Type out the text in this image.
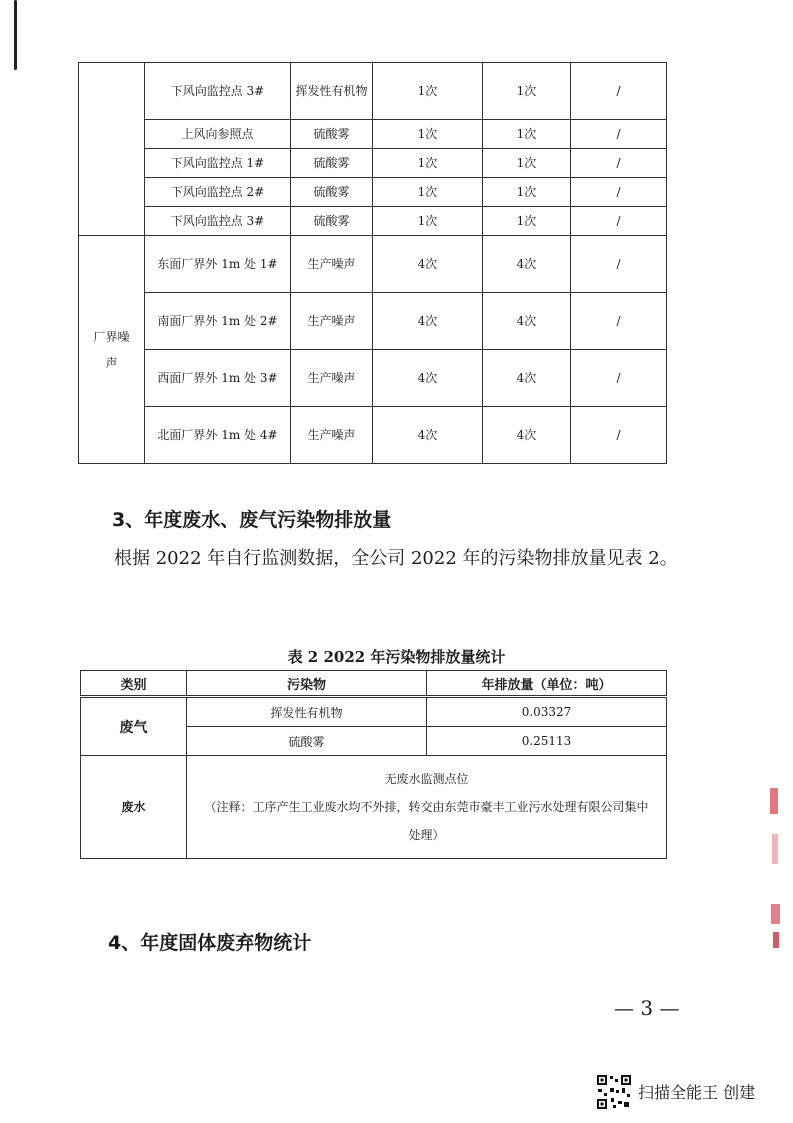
	下风向监控点 3#	挥发性有机物	1次	1次	/
	上风向参照点	硫酸雾	1次	1次	/
	下风向监控点 1#	硫酸雾	1次	1次	/
	下风向监控点 2#	硫酸雾	1次	1次	/
	下风向监控点 3#	硫酸雾	1次	1次	/
厂界噪声	东面厂界外 1m 处 1#	生产噪声	4次	4次	/
	南面厂界外 1m 处 2#	生产噪声	4次	4次	/
	西面厂界外 1m 处 3#	生产噪声	4次	4次	/
	北面厂界外 1m 处 4#	生产噪声	4次	4次	/
3、年度废水、废气污染物排放量
根据 2022 年自行监测数据，全公司 2022 年的污染物排放量见表 2。
表 2 2022 年污染物排放量统计
类别	污染物	年排放量（单位：吨）
废气	挥发性有机物	0.03327
	硫酸雾	0.25113
废水	无废水监测点位
（注释：工序产生工业废水均不外排，转交由东莞市豪丰工业污水处理有限公司集中处理）	
4、年度固体废弃物统计
— 3 —
扫描全能王 创建
